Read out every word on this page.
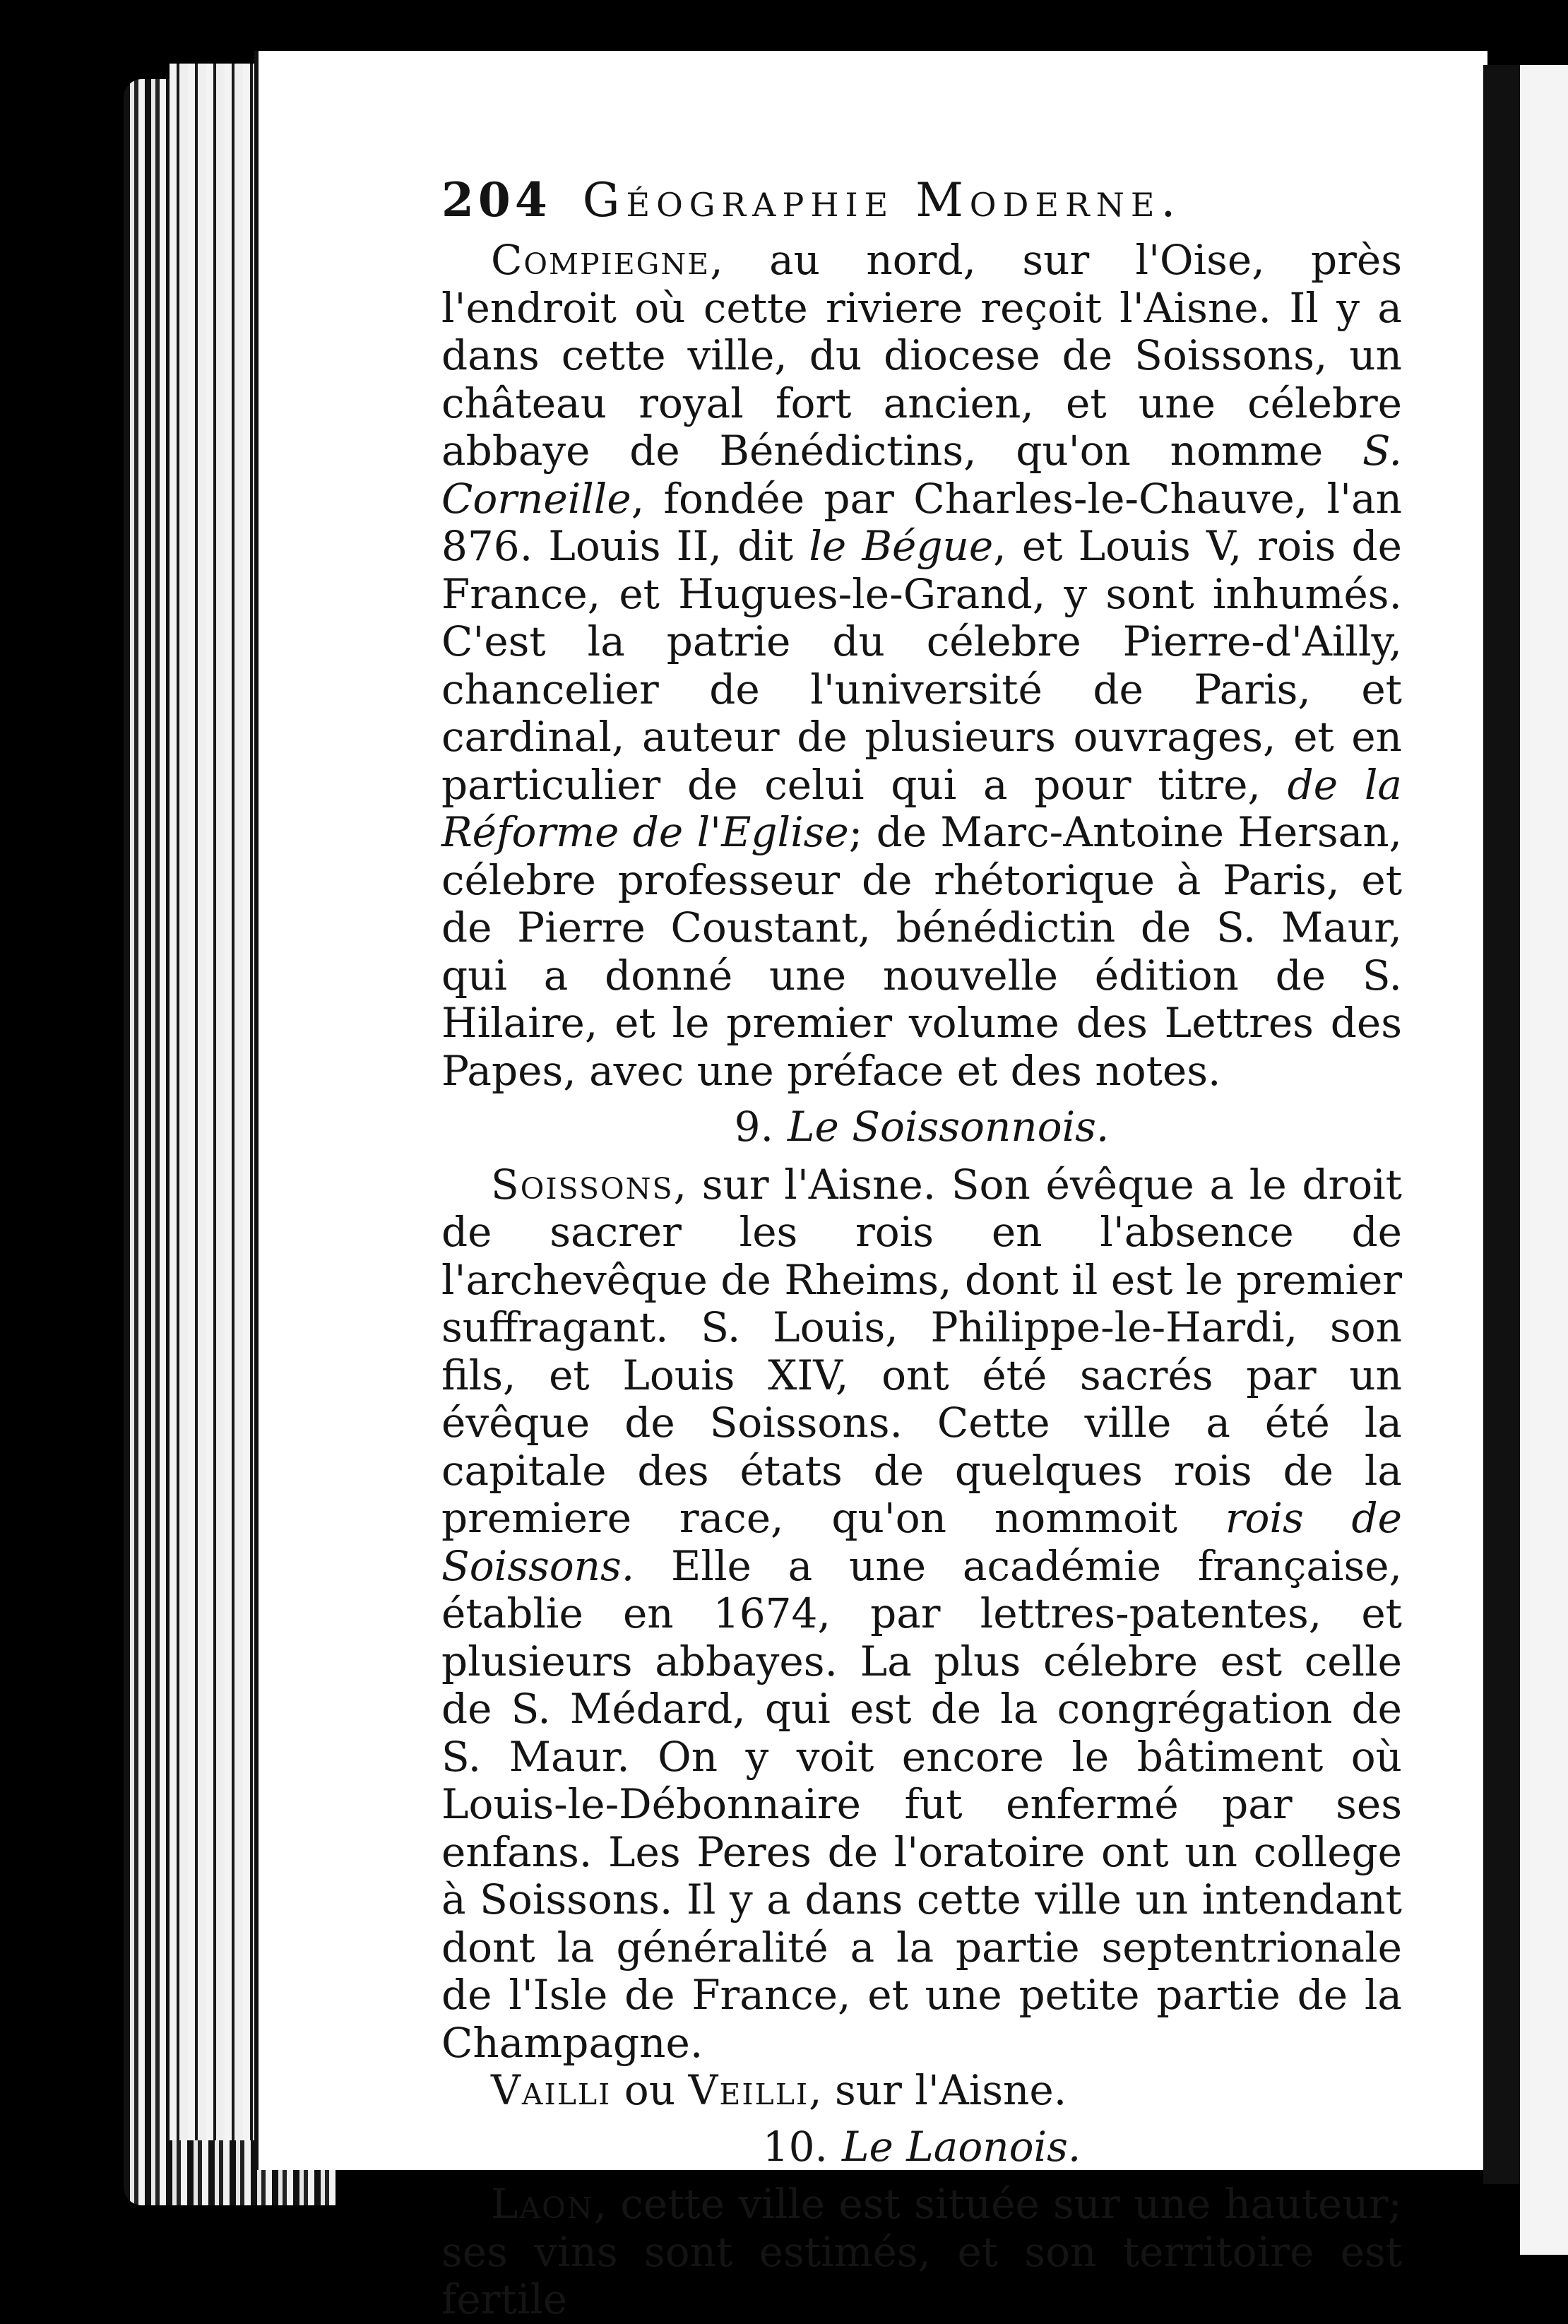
204 Géographie Moderne.

Compiegne, au nord, sur l'Oise, près l'endroit où cette riviere reçoit l'Aisne. Il y a dans cette ville, du diocese de Soissons, un château royal fort ancien, et une célebre abbaye de Bénédictins, qu'on nomme S. Corneille, fondée par Charles-le-Chauve, l'an 876. Louis II, dit le Bégue, et Louis V, rois de France, et Hugues-le-Grand, y sont inhumés. C'est la patrie du célebre Pierre-d'Ailly, chancelier de l'université de Paris, et cardinal, auteur de plusieurs ouvrages, et en particulier de celui qui a pour titre, de la Réforme de l'Eglise; de Marc-Antoine Hersan, célebre professeur de rhétorique à Paris, et de Pierre Coustant, bénédictin de S. Maur, qui a donné une nouvelle édition de S. Hilaire, et le premier volume des Lettres des Papes, avec une préface et des notes.

9. Le Soissonnois.

Soissons, sur l'Aisne. Son évêque a le droit de sacrer les rois en l'absence de l'archevêque de Rheims, dont il est le premier suffragant. S. Louis, Philippe-le-Hardi, son fils, et Louis XIV, ont été sacrés par un évêque de Soissons. Cette ville a été la capitale des états de quelques rois de la premiere race, qu'on nommoit rois de Soissons. Elle a une académie française, établie en 1674, par lettres-patentes, et plusieurs abbayes. La plus célebre est celle de S. Médard, qui est de la congrégation de S. Maur. On y voit encore le bâtiment où Louis-le-Débonnaire fut enfermé par ses enfans. Les Peres de l'oratoire ont un college à Soissons. Il y a dans cette ville un intendant dont la généralité a la partie septentrionale de l'Isle de France, et une petite partie de la Champagne.

Vailli ou Veilli, sur l'Aisne.

10. Le Laonois.

Laon, cette ville est située sur une hauteur; ses vins sont estimés, et son territoire est fertile
